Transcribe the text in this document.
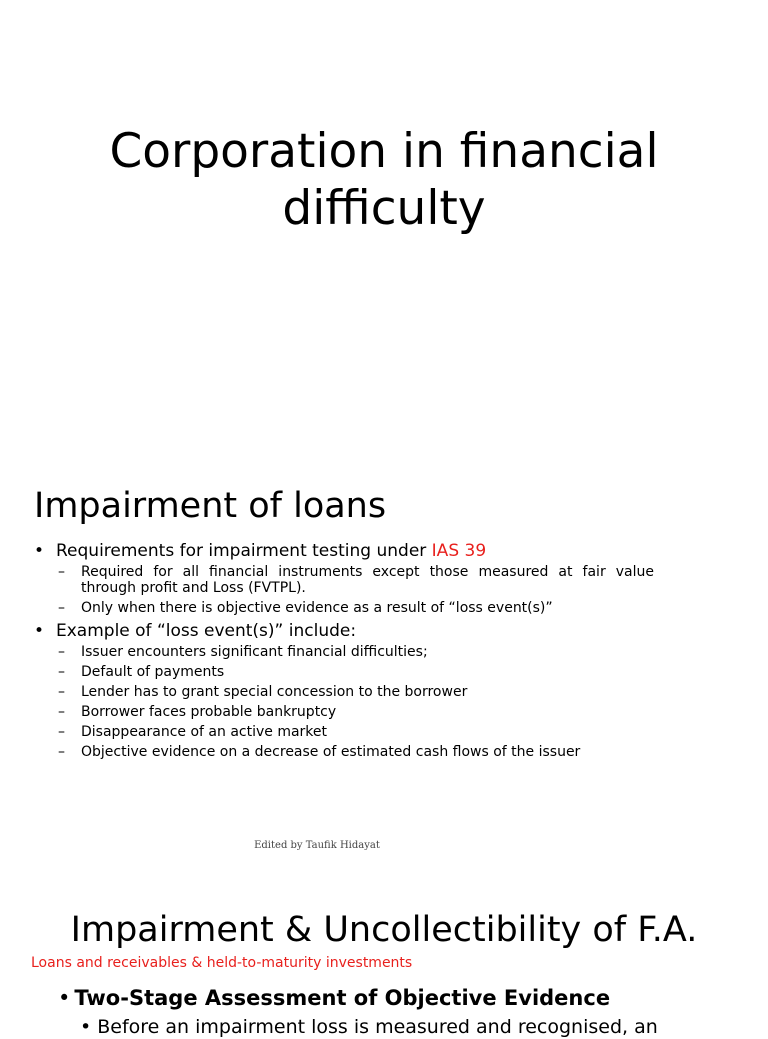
Corporation in financial
difficulty
Impairment of loans
• Requirements for impairment testing under IAS 39
– Required for all financial instruments except those measured at fair value through profit and Loss (FVTPL).
– Only when there is objective evidence as a result of “loss event(s)”
• Example of “loss event(s)” include:
– Issuer encounters significant financial difficulties;
– Default of payments
– Lender has to grant special concession to the borrower
– Borrower faces probable bankruptcy
– Disappearance of an active market
– Objective evidence on a decrease of estimated cash flows of the issuer
Edited by Taufik Hidayat
Impairment & Uncollectibility of F.A.
Loans and receivables & held-to-maturity investments
• Two-Stage Assessment of Objective Evidence
• Before an impairment loss is measured and recognised, an
